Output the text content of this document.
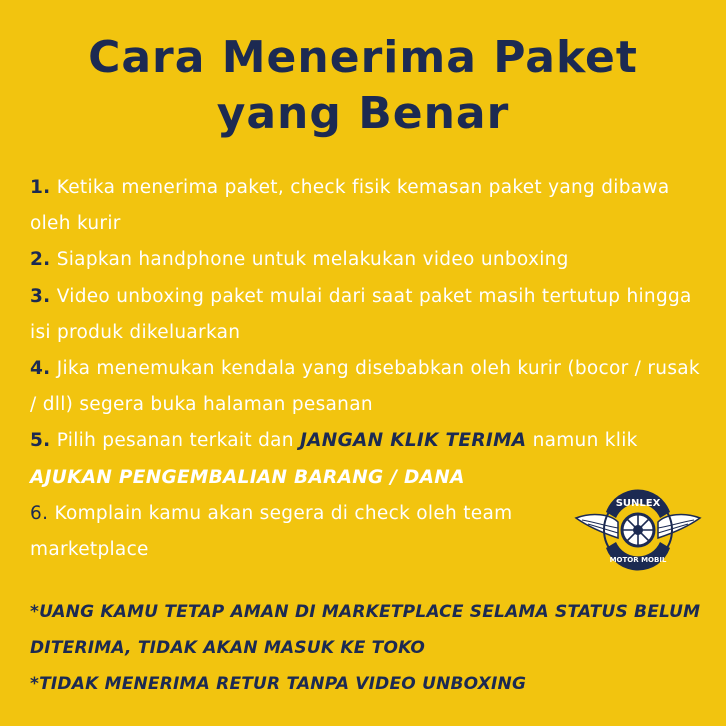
Cara Menerima Paket
yang Benar

1. Ketika menerima paket, check fisik kemasan paket yang dibawa oleh kurir

2. Siapkan handphone untuk melakukan video unboxing

3. Video unboxing paket mulai dari saat paket masih tertutup hingga isi produk dikeluarkan

4. Jika menemukan kendala yang disebabkan oleh kurir (bocor / rusak / dll) segera buka halaman pesanan

5. Pilih pesanan terkait dan JANGAN KLIK TERIMA namun klik AJUKAN PENGEMBALIAN BARANG / DANA

6. Komplain kamu akan segera di check oleh team marketplace

SUNLEX
MOTOR MOBIL

*UANG KAMU TETAP AMAN DI MARKETPLACE SELAMA STATUS BELUM DITERIMA, TIDAK AKAN MASUK KE TOKO

*TIDAK MENERIMA RETUR TANPA VIDEO UNBOXING
